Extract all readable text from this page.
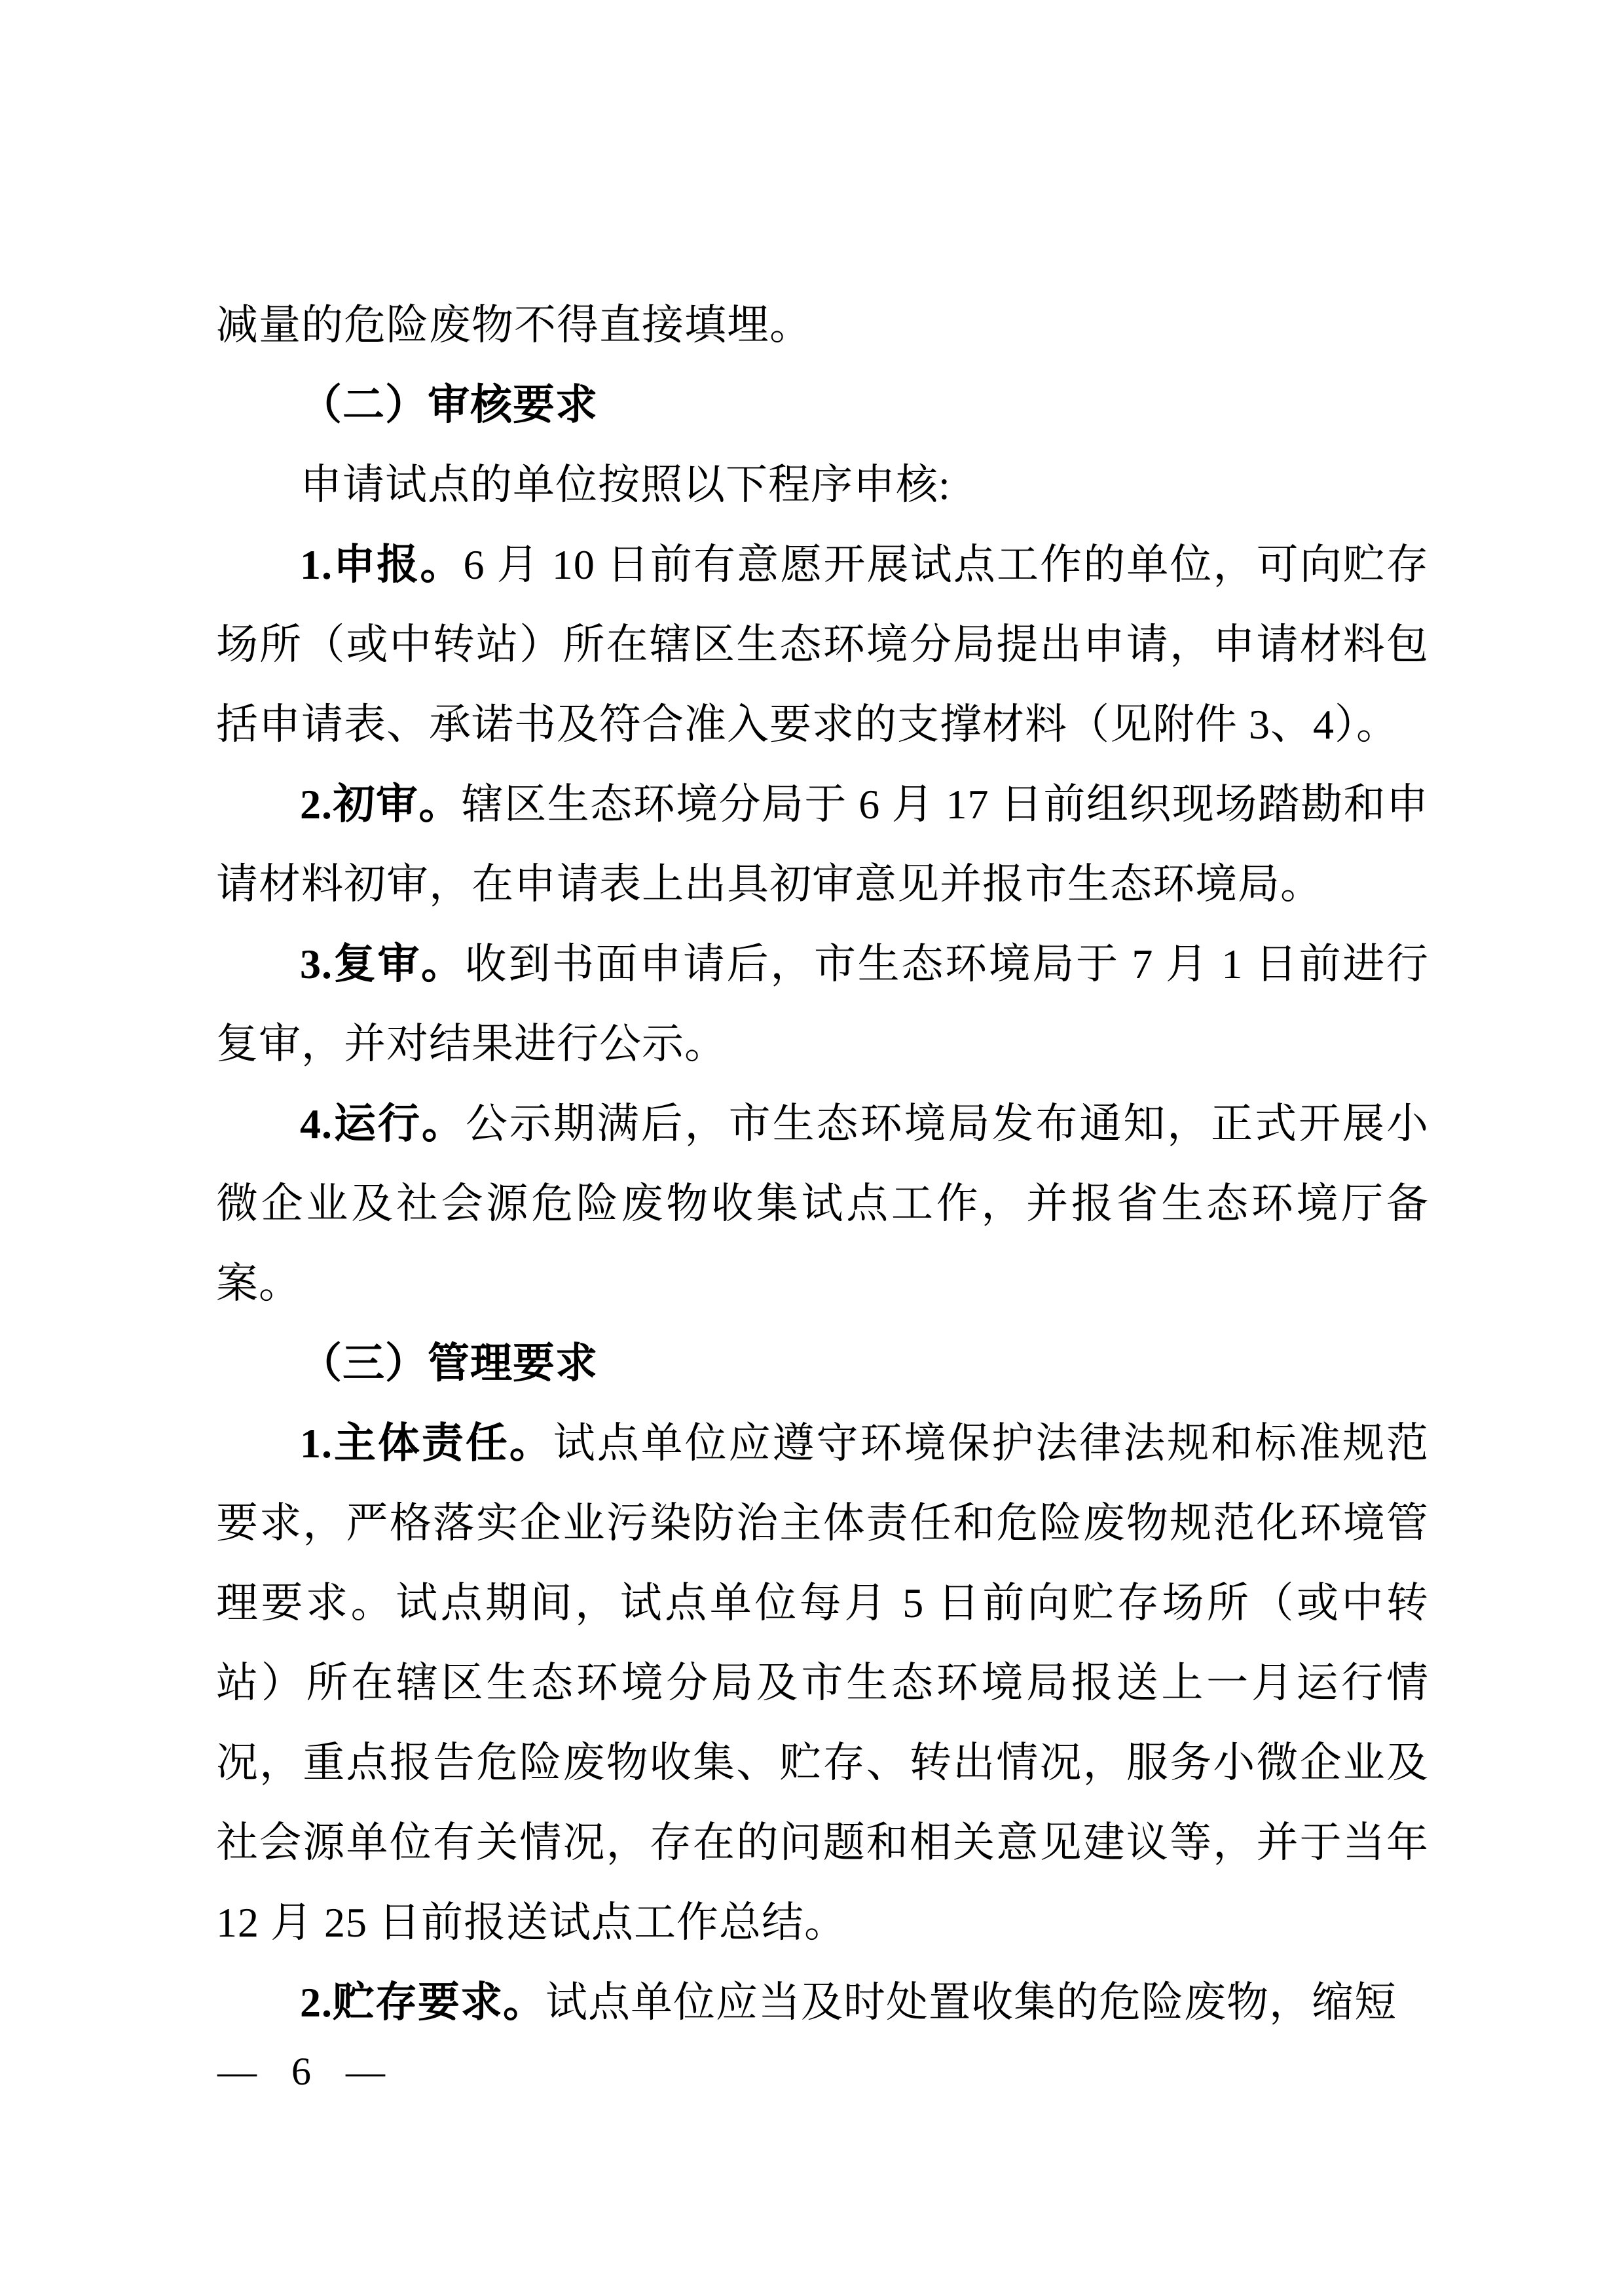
减量的危险废物不得直接填埋。

（二）审核要求

申请试点的单位按照以下程序申核:

1.申报。6 月 10 日前有意愿开展试点工作的单位，可向贮存场所（或中转站）所在辖区生态环境分局提出申请，申请材料包括申请表、承诺书及符合准入要求的支撑材料（见附件 3、4）。

2.初审。辖区生态环境分局于 6 月 17 日前组织现场踏勘和申请材料初审，在申请表上出具初审意见并报市生态环境局。

3.复审。收到书面申请后，市生态环境局于 7 月 1 日前进行复审，并对结果进行公示。

4.运行。公示期满后，市生态环境局发布通知，正式开展小微企业及社会源危险废物收集试点工作，并报省生态环境厅备案。

（三）管理要求

1.主体责任。试点单位应遵守环境保护法律法规和标准规范要求，严格落实企业污染防治主体责任和危险废物规范化环境管理要求。试点期间，试点单位每月 5 日前向贮存场所（或中转站）所在辖区生态环境分局及市生态环境局报送上一月运行情况，重点报告危险废物收集、贮存、转出情况，服务小微企业及社会源单位有关情况，存在的问题和相关意见建议等，并于当年 12 月 25 日前报送试点工作总结。

2.贮存要求。试点单位应当及时处置收集的危险废物，缩短

— 6 —
